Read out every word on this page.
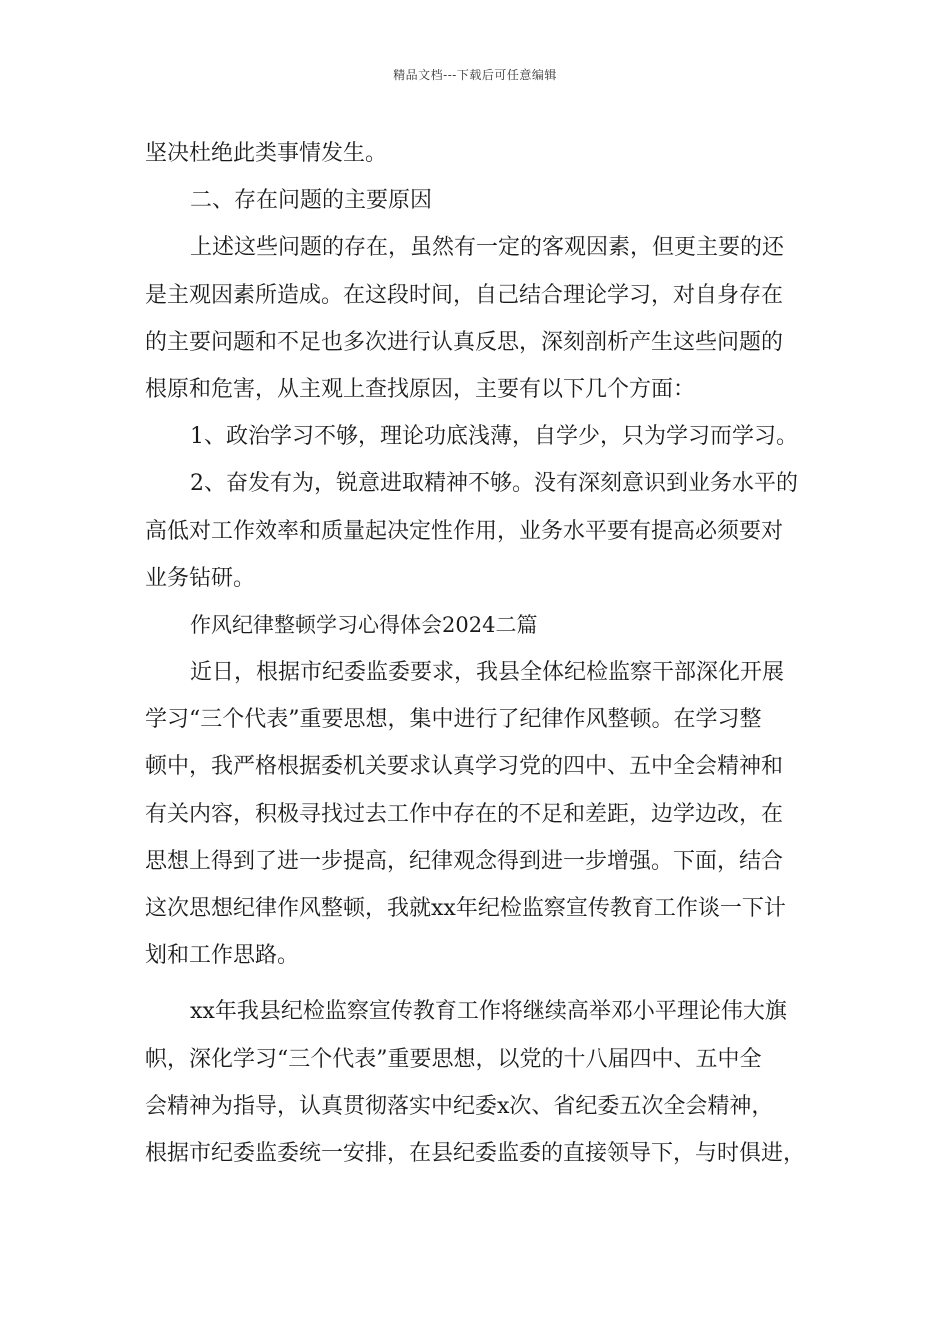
精品文档---下载后可任意编辑
坚决杜绝此类事情发生。
二、存在问题的主要原因
上述这些问题的存在，虽然有一定的客观因素，但更主要的还
是主观因素所造成。在这段时间，自己结合理论学习，对自身存在
的主要问题和不足也多次进行认真反思，深刻剖析产生这些问题的
根原和危害，从主观上查找原因，主要有以下几个方面：
1、政治学习不够，理论功底浅薄，自学少，只为学习而学习。
2、奋发有为，锐意进取精神不够。没有深刻意识到业务水平的
高低对工作效率和质量起决定性作用，业务水平要有提高必须要对
业务钻研。
作风纪律整顿学习心得体会2024二篇
近日，根据市纪委监委要求，我县全体纪检监察干部深化开展
学习“三个代表”重要思想，集中进行了纪律作风整顿。在学习整
顿中，我严格根据委机关要求认真学习党的四中、五中全会精神和
有关内容，积极寻找过去工作中存在的不足和差距，边学边改，在
思想上得到了进一步提高，纪律观念得到进一步增强。下面，结合
这次思想纪律作风整顿，我就xx年纪检监察宣传教育工作谈一下计
划和工作思路。
xx年我县纪检监察宣传教育工作将继续高举邓小平理论伟大旗
帜，深化学习“三个代表”重要思想，以党的十八届四中、五中全
会精神为指导，认真贯彻落实中纪委x次、省纪委五次全会精神，
根据市纪委监委统一安排，在县纪委监委的直接领导下，与时俱进，
